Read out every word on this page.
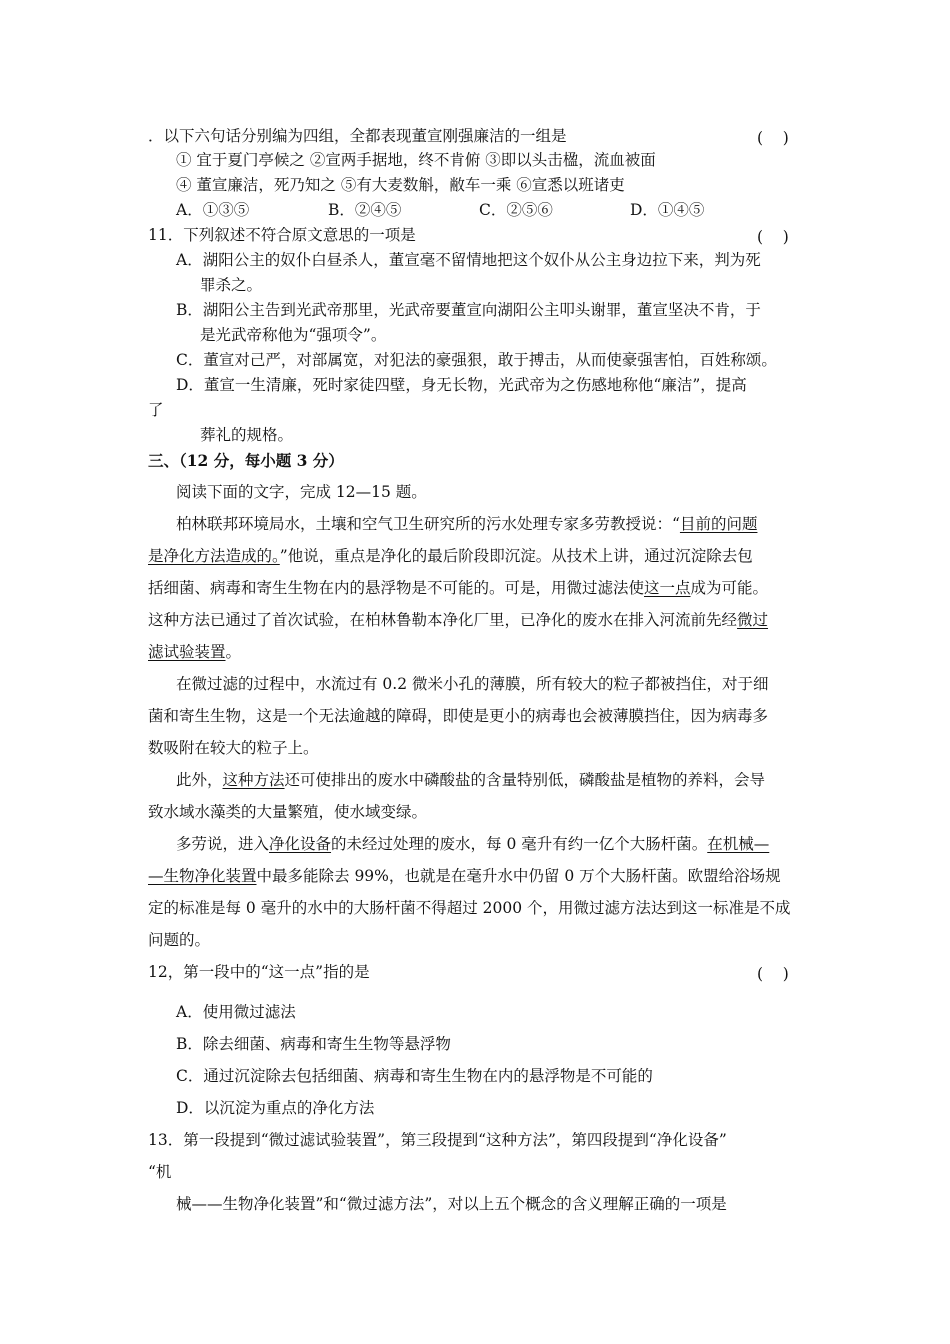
．以下六句话分别编为四组，全都表现董宣刚强廉洁的一组是	(    )
① 宜于夏门亭候之 ②宣两手据地，终不肯俯 ③即以头击楹，流血被面
④ 董宣廉洁，死乃知之 ⑤有大麦数斛，敝车一乘 ⑥宣悉以班诸吏
A．①③⑤	B．②④⑤	C．②⑤⑥	D．①④⑤
11．下列叙述不符合原文意思的一项是	(    )
A．湖阳公主的奴仆白昼杀人，董宣毫不留情地把这个奴仆从公主身边拉下来，判为死
罪杀之。
B．湖阳公主告到光武帝那里，光武帝要董宣向湖阳公主叩头谢罪，董宣坚决不肯，于
是光武帝称他为“强项令”。
C．董宣对己严，对部属宽，对犯法的豪强狠，敢于搏击，从而使豪强害怕，百姓称颂。
D．董宣一生清廉，死时家徒四壁，身无长物，光武帝为之伤感地称他“廉洁”，提高
了
葬礼的规格。
三、（12 分，每小题 3 分）
阅读下面的文字，完成 12—15 题。
柏林联邦环境局水，土壤和空气卫生研究所的污水处理专家多劳教授说：“目前的问题
是净化方法造成的。”他说，重点是净化的最后阶段即沉淀。从技术上讲，通过沉淀除去包
括细菌、病毒和寄生生物在内的悬浮物是不可能的。可是，用微过滤法使这一点成为可能。
这种方法已通过了首次试验，在柏林鲁勒本净化厂里，已净化的废水在排入河流前先经微过
滤试验装置。
在微过滤的过程中，水流过有 0.2 微米小孔的薄膜，所有较大的粒子都被挡住，对于细
菌和寄生生物，这是一个无法逾越的障碍，即使是更小的病毒也会被薄膜挡住，因为病毒多
数吸附在较大的粒子上。
此外，这种方法还可使排出的废水中磷酸盐的含量特别低，磷酸盐是植物的养料，会导
致水域水藻类的大量繁殖，使水域变绿。
多劳说，进入净化设备的未经过处理的废水，每 0 毫升有约一亿个大肠杆菌。在机械—
—生物净化装置中最多能除去 99%，也就是在毫升水中仍留 0 万个大肠杆菌。欧盟给浴场规
定的标准是每 0 毫升的水中的大肠杆菌不得超过 2000 个，用微过滤方法达到这一标准是不成
问题的。
12，第一段中的“这一点”指的是	(    )
A．使用微过滤法
B．除去细菌、病毒和寄生生物等悬浮物
C．通过沉淀除去包括细菌、病毒和寄生生物在内的悬浮物是不可能的
D．以沉淀为重点的净化方法
13．第一段提到“微过滤试验装置”，第三段提到“这种方法”，第四段提到“净化设备”
“机
械——生物净化装置”和“微过滤方法”，对以上五个概念的含义理解正确的一项是
